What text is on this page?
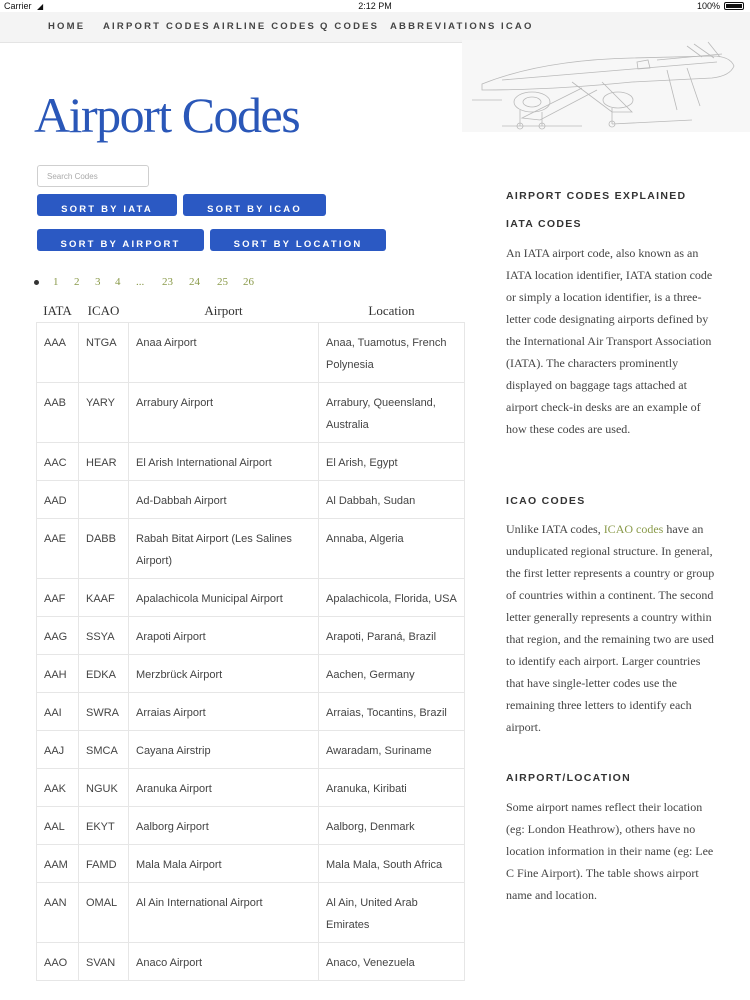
Carrier ◢	2:12 PM	100%
HOME AIRPORT CODES AIRLINE CODES Q CODES ABBREVIATIONS ICAO
Airport Codes
Search Codes
SORT BY IATA	SORT BY ICAO
SORT BY AIRPORT	SORT BY LOCATION
1 2 3 4 ... 23 24 25 26
IATA	ICAO	Airport	Location
AAA	NTGA	Anaa Airport	Anaa, Tuamotus, French Polynesia
AAB	YARY	Arrabury Airport	Arrabury, Queensland, Australia
AAC	HEAR	El Arish International Airport	El Arish, Egypt
AAD		Ad-Dabbah Airport	Al Dabbah, Sudan
AAE	DABB	Rabah Bitat Airport (Les Salines Airport)	Annaba, Algeria
AAF	KAAF	Apalachicola Municipal Airport	Apalachicola, Florida, USA
AAG	SSYA	Arapoti Airport	Arapoti, Paraná, Brazil
AAH	EDKA	Merzbrück Airport	Aachen, Germany
AAI	SWRA	Arraias Airport	Arraias, Tocantins, Brazil
AAJ	SMCA	Cayana Airstrip	Awaradam, Suriname
AAK	NGUK	Aranuka Airport	Aranuka, Kiribati
AAL	EKYT	Aalborg Airport	Aalborg, Denmark
AAM	FAMD	Mala Mala Airport	Mala Mala, South Africa
AAN	OMAL	Al Ain International Airport	Al Ain, United Arab Emirates
AAO	SVAN	Anaco Airport	Anaco, Venezuela
AIRPORT CODES EXPLAINED
IATA CODES

An IATA airport code, also known as an IATA location identifier, IATA station code or simply a location identifier, is a three-letter code designating airports defined by the International Air Transport Association (IATA). The characters prominently displayed on baggage tags attached at airport check-in desks are an example of how these codes are used.

ICAO CODES

Unlike IATA codes, ICAO codes have an unduplicated regional structure. In general, the first letter represents a country or group of countries within a continent. The second letter generally represents a country within that region, and the remaining two are used to identify each airport. Larger countries that have single-letter codes use the remaining three letters to identify each airport.

AIRPORT/LOCATION

Some airport names reflect their location (eg: London Heathrow), others have no location information in their name (eg: Lee C Fine Airport). The table shows airport name and location.
